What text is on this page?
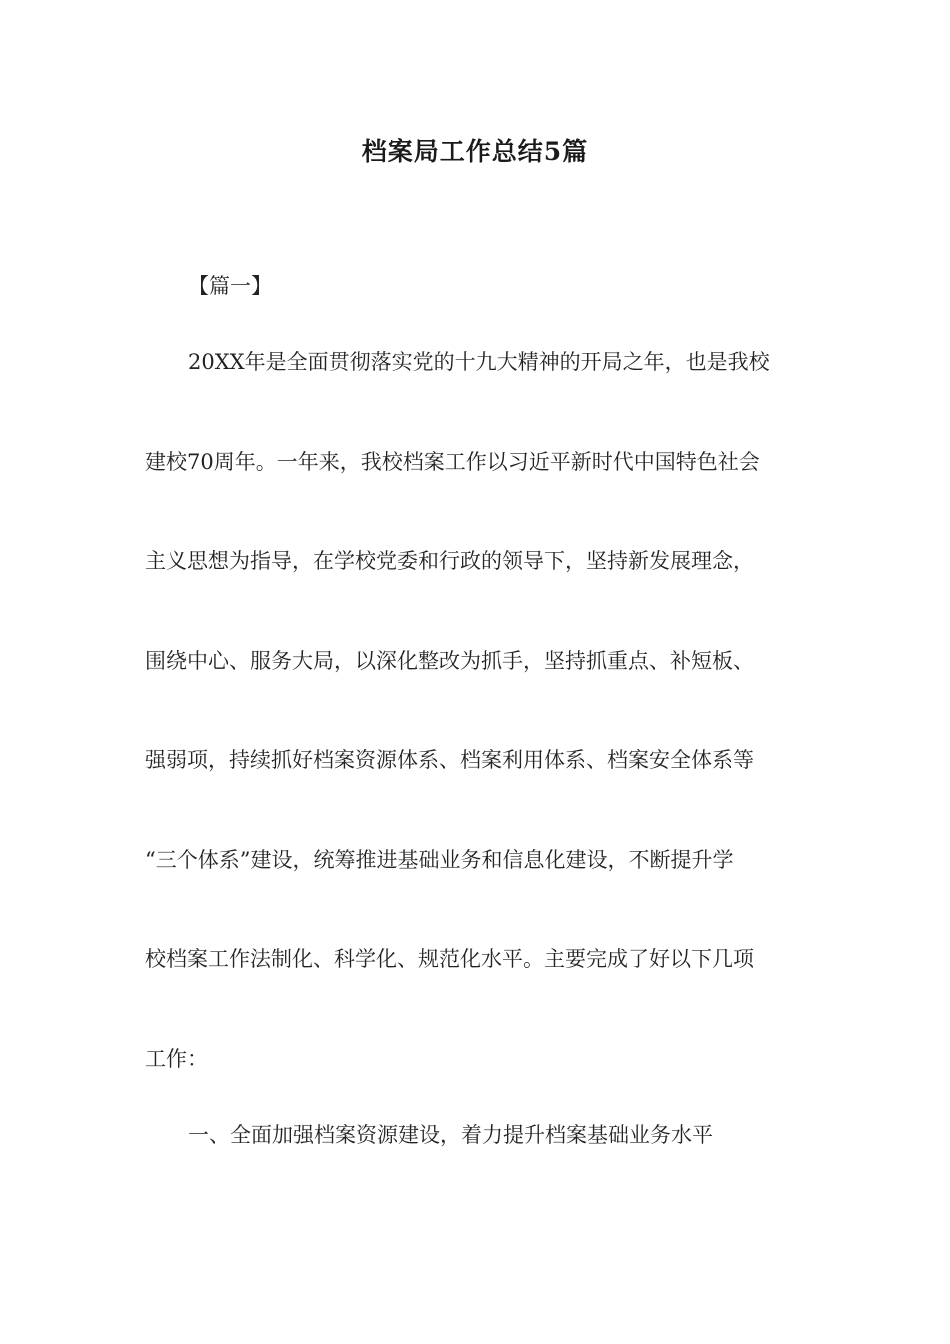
档案局工作总结5篇
【篇一】
20XX年是全面贯彻落实党的十九大精神的开局之年，也是我校
建校70周年。一年来，我校档案工作以习近平新时代中国特色社会
主义思想为指导，在学校党委和行政的领导下，坚持新发展理念，
围绕中心、服务大局，以深化整改为抓手，坚持抓重点、补短板、
强弱项，持续抓好档案资源体系、档案利用体系、档案安全体系等
“三个体系”建设，统筹推进基础业务和信息化建设，不断提升学
校档案工作法制化、科学化、规范化水平。主要完成了好以下几项
工作：
一、全面加强档案资源建设，着力提升档案基础业务水平
